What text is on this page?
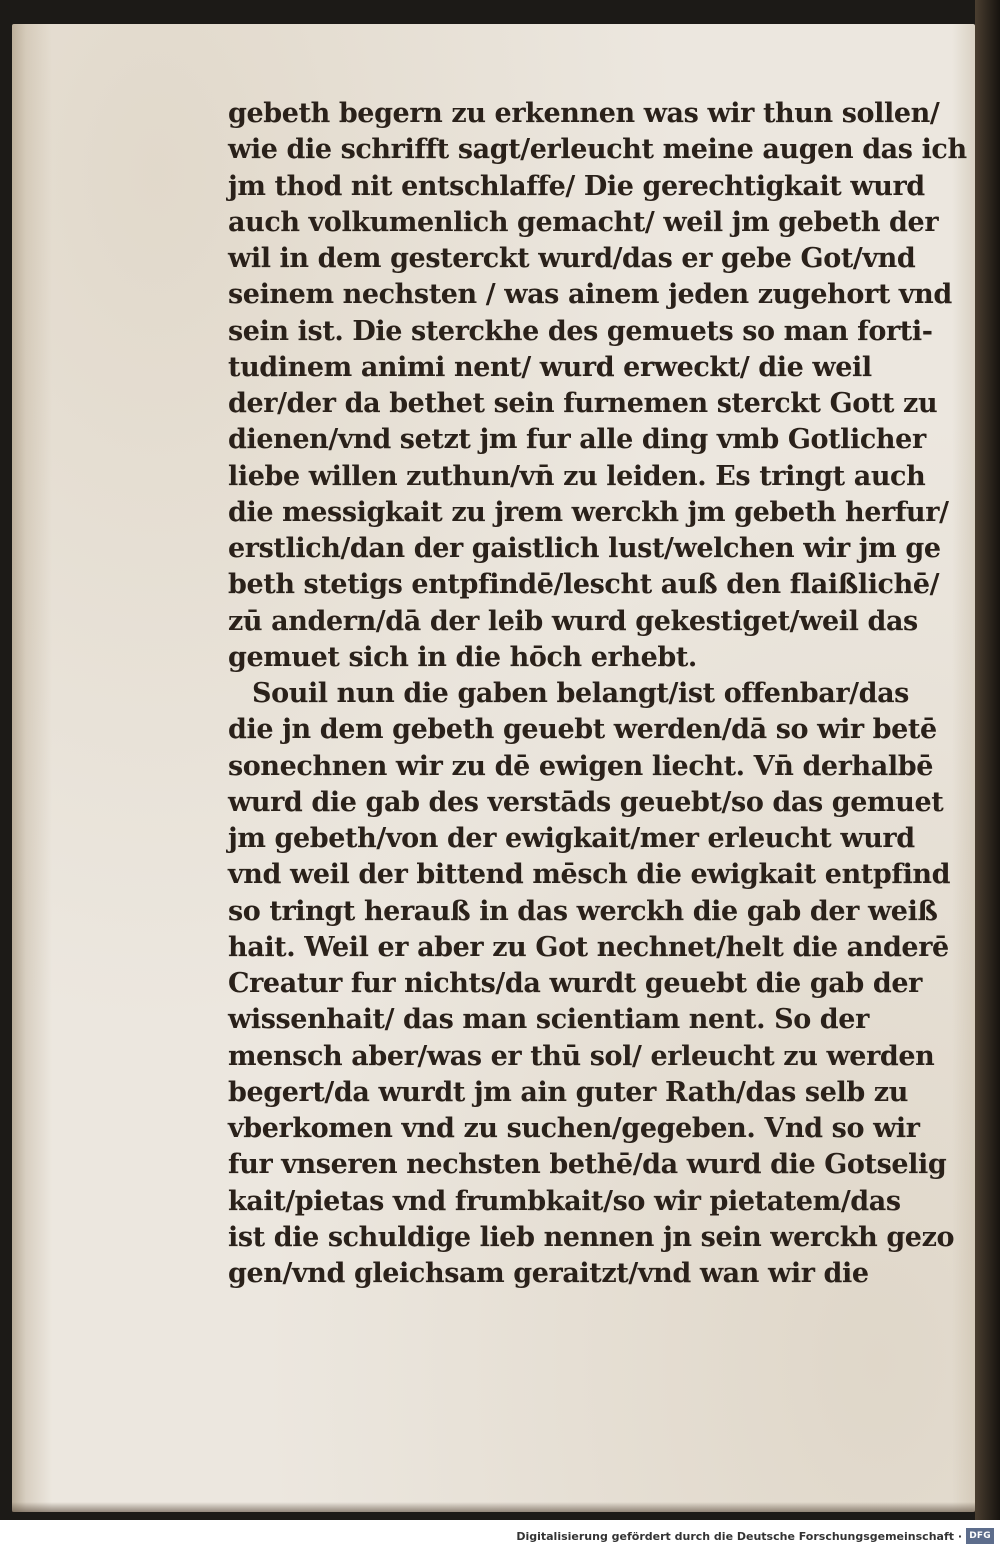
gebeth begern zu erkennen was wir thun sollen/
wie die schrifft sagt/erleucht meine augen das ich
jm thod nit entschlaffe/ Die gerechtigkait wurd
auch volkumenlich gemacht/ weil jm gebeth der
wil in dem gesterckt wurd/das er gebe Got/vnd
seinem nechsten / was ainem jeden zugehort vnd
sein ist. Die sterckhe des gemuets so man forti-
tudinem animi nent/ wurd erweckt/ die weil
der/der da bethet sein furnemen sterckt Gott zu
dienen/vnd setzt jm fur alle ding vmb Gotlicher
liebe willen zuthun/vn̄ zu leiden. Es tringt auch
die messigkait zu jrem werckh jm gebeth herfur/
erstlich/dan der gaistlich lust/welchen wir jm ge
beth stetigs entpfindē/lescht auß den flaißlichē/
zū andern/dā der leib wurd gekestiget/weil das
gemuet sich in die hōch erhebt.
Souil nun die gaben belangt/ist offenbar/das
die jn dem gebeth geuebt werden/dā so wir betē
sonechnen wir zu dē ewigen liecht. Vn̄ derhalbē
wurd die gab des verstāds geuebt/so das gemuet
jm gebeth/von der ewigkait/mer erleucht wurd
vnd weil der bittend mēsch die ewigkait entpfind
so tringt herauß in das werckh die gab der weiß
hait. Weil er aber zu Got nechnet/helt die anderē
Creatur fur nichts/da wurdt geuebt die gab der
wissenhait/ das man scientiam nent. So der
mensch aber/was er thū sol/ erleucht zu werden
begert/da wurdt jm ain guter Rath/das selb zu
vberkomen vnd zu suchen/gegeben. Vnd so wir
fur vnseren nechsten bethē/da wurd die Gotselig
kait/pietas vnd frumbkait/so wir pietatem/das
ist die schuldige lieb nennen jn sein werckh gezo
gen/vnd gleichsam geraitzt/vnd wan wir die
Digitalisierung gefördert durch die Deutsche Forschungsgemeinschaft · DFG
